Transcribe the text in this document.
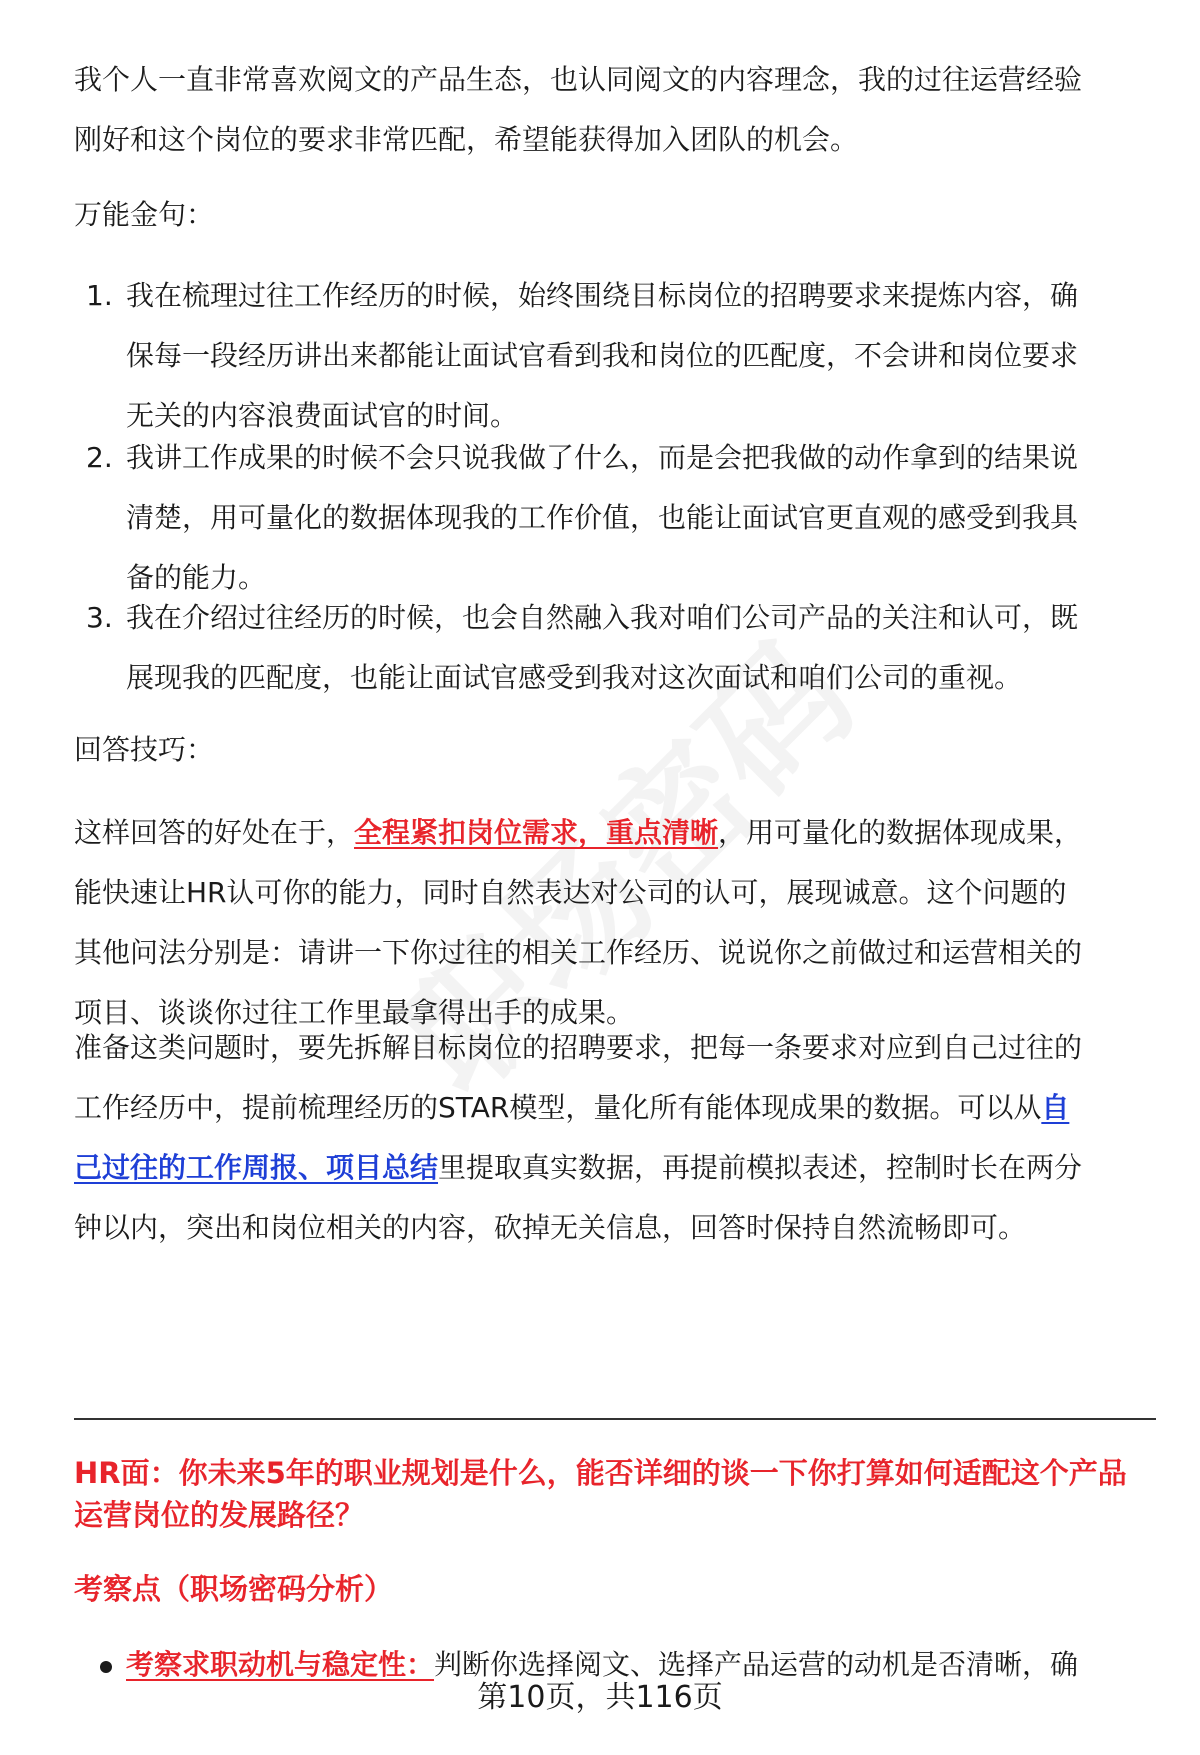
我个人一直非常喜欢阅文的产品生态，也认同阅文的内容理念，我的过往运营经验
刚好和这个岗位的要求非常匹配，希望能获得加入团队的机会。
万能金句：
1. 我在梳理过往工作经历的时候，始终围绕目标岗位的招聘要求来提炼内容，确
保每一段经历讲出来都能让面试官看到我和岗位的匹配度，不会讲和岗位要求
无关的内容浪费面试官的时间。
2. 我讲工作成果的时候不会只说我做了什么，而是会把我做的动作拿到的结果说
清楚，用可量化的数据体现我的工作价值，也能让面试官更直观的感受到我具
备的能力。
3. 我在介绍过往经历的时候，也会自然融入我对咱们公司产品的关注和认可，既
展现我的匹配度，也能让面试官感受到我对这次面试和咱们公司的重视。
回答技巧：
这样回答的好处在于，全程紧扣岗位需求，重点清晰，用可量化的数据体现成果，
能快速让HR认可你的能力，同时自然表达对公司的认可，展现诚意。这个问题的
其他问法分别是：请讲一下你过往的相关工作经历、说说你之前做过和运营相关的
项目、谈谈你过往工作里最拿得出手的成果。
准备这类问题时，要先拆解目标岗位的招聘要求，把每一条要求对应到自己过往的
工作经历中，提前梳理经历的STAR模型，量化所有能体现成果的数据。可以从自
己过往的工作周报、项目总结里提取真实数据，再提前模拟表述，控制时长在两分
钟以内，突出和岗位相关的内容，砍掉无关信息，回答时保持自然流畅即可。
HR面：你未来5年的职业规划是什么，能否详细的谈一下你打算如何适配这个产品
运营岗位的发展路径？
考察点（职场密码分析）
考察求职动机与稳定性：判断你选择阅文、选择产品运营的动机是否清晰，确
第10页，共116页
